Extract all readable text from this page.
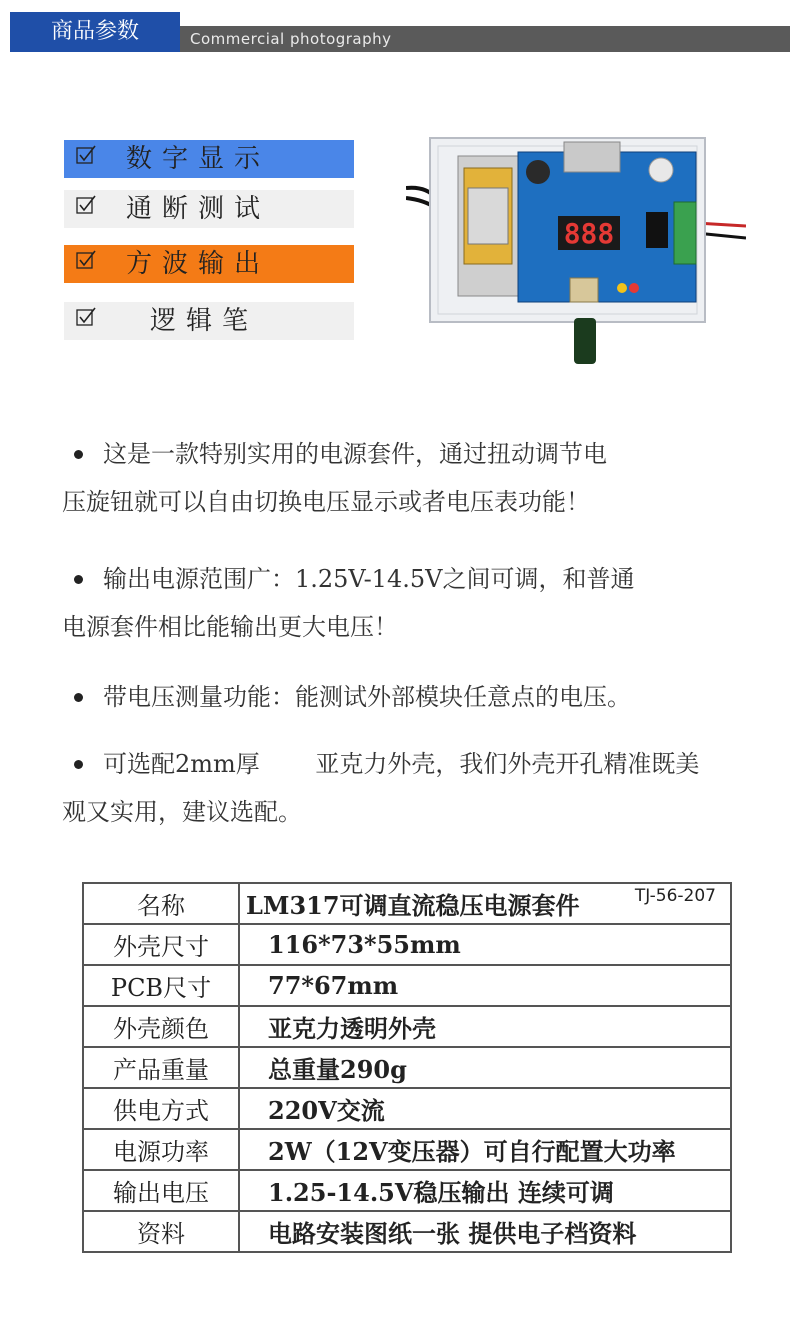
商品参数	Commercial photography
数字显示
通断测试
方波输出
逻辑笔
888
这是一款特别实用的电源套件，通过扭动调节电
压旋钮就可以自由切换电压显示或者电压表功能！
输出电源范围广：1.25V-14.5V之间可调，和普通
电源套件相比能输出更大电压！
带电压测量功能：能测试外部模块任意点的电压。
可选配2mm厚　　 亚克力外壳，我们外壳开孔精准既美
观又实用，建议选配。
名称	LM317可调直流稳压电源套件 TJ-56-207

外壳尺寸	116*73*55mm
PCB尺寸	77*67mm
外壳颜色	亚克力透明外壳
产品重量	总重量290g
供电方式	220V交流
电源功率	2W（12V变压器）可自行配置大功率
输出电压	1.25-14.5V稳压输出 连续可调
资料	电路安装图纸一张 提供电子档资料
